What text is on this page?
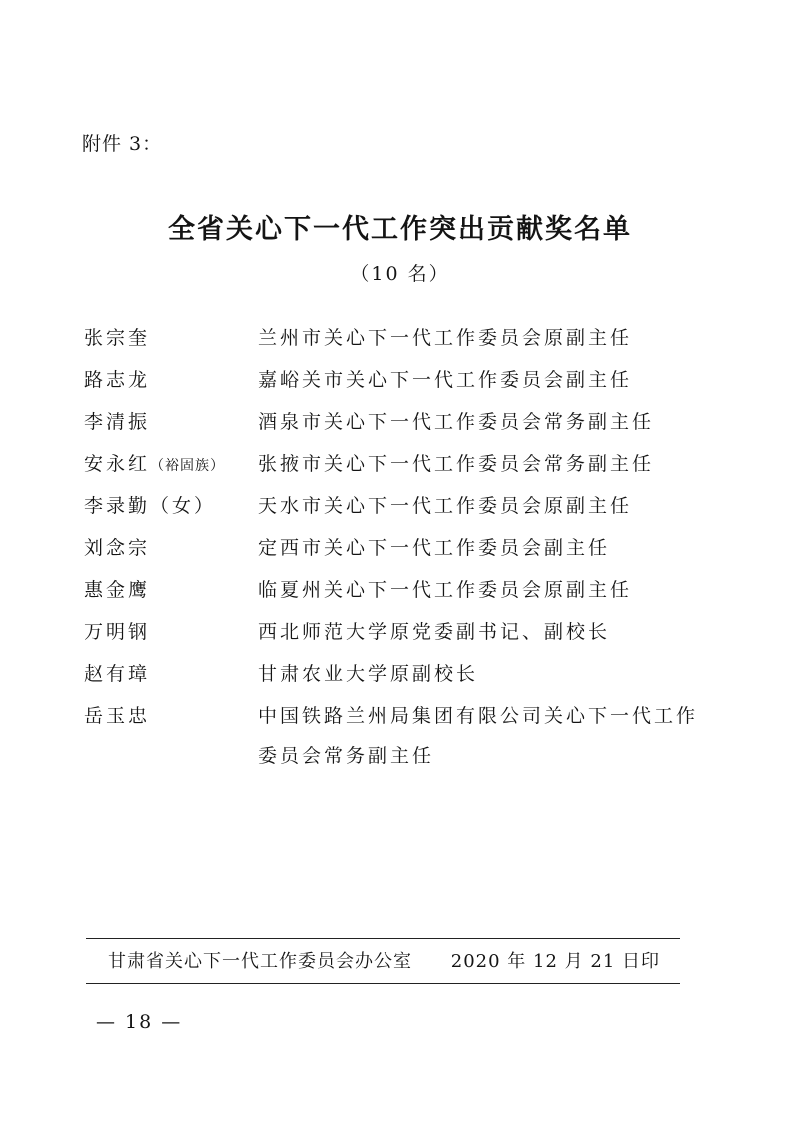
附件 3：
全省关心下一代工作突出贡献奖名单
（10 名）
张宗奎	兰州市关心下一代工作委员会原副主任
路志龙	嘉峪关市关心下一代工作委员会副主任
李清振	酒泉市关心下一代工作委员会常务副主任
安永红（裕固族）	张掖市关心下一代工作委员会常务副主任
李录勤（女）	天水市关心下一代工作委员会原副主任
刘念宗	定西市关心下一代工作委员会副主任
惠金鹰	临夏州关心下一代工作委员会原副主任
万明钢	西北师范大学原党委副书记、副校长
赵有璋	甘肃农业大学原副校长
岳玉忠	中国铁路兰州局集团有限公司关心下一代工作委员会常务副主任
甘肃省关心下一代工作委员会办公室 2020 年 12 月 21 日印
— 18 —
